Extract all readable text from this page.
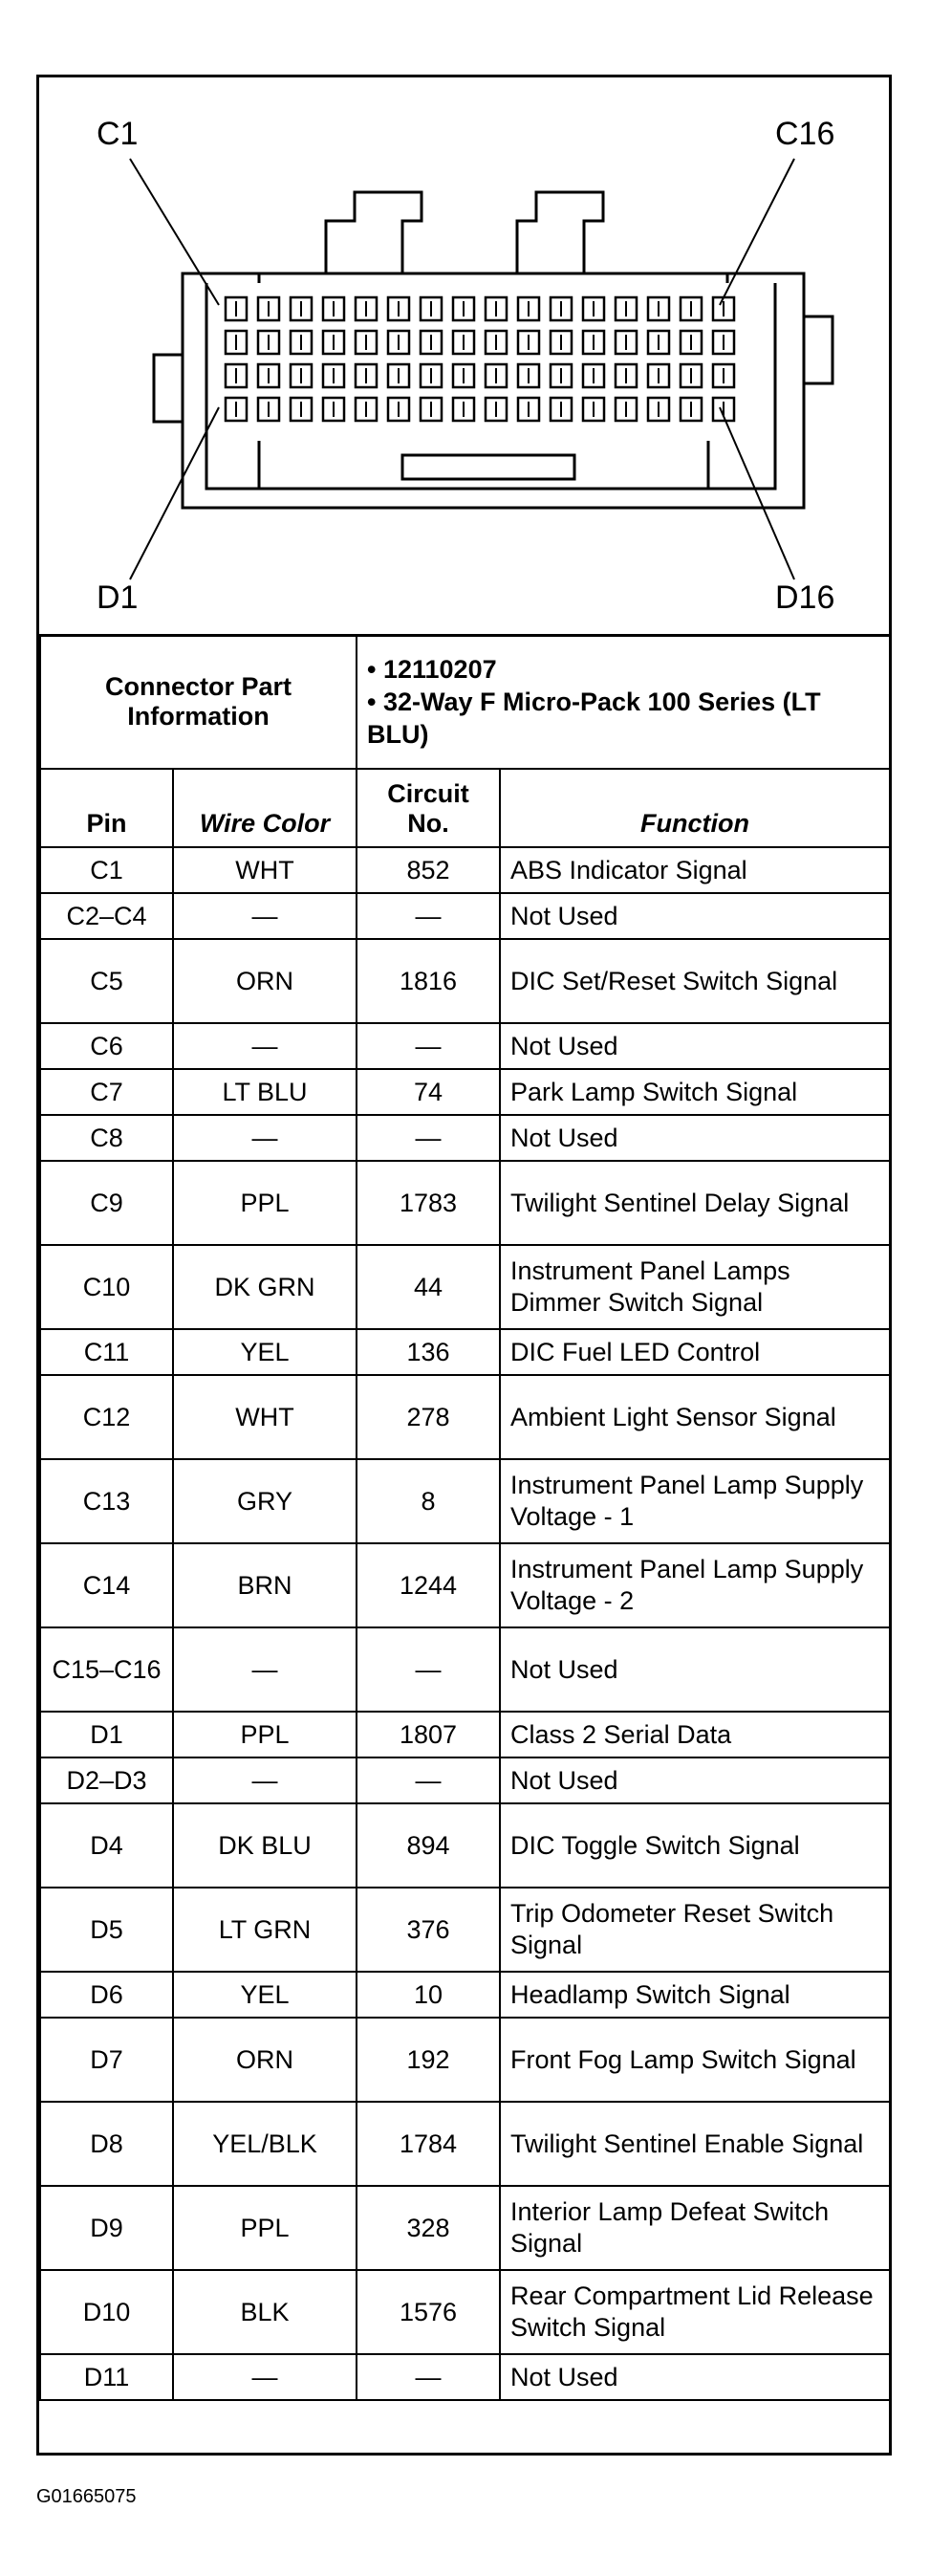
C1	C16
D1	D16
Connector Part Information		• 12110207
• 32-Way F Micro-Pack 100 Series (LT BLU)	

Pin	Wire Color	Circuit No.	Function
C1	WHT	852	ABS Indicator Signal
C2–C4	—	—	Not Used
C5	ORN	1816	DIC Set/Reset Switch Signal
C6	—	—	Not Used
C7	LT BLU	74	Park Lamp Switch Signal
C8	—	—	Not Used
C9	PPL	1783	Twilight Sentinel Delay Signal
C10	DK GRN	44	Instrument Panel Lamps Dimmer Switch Signal
C11	YEL	136	DIC Fuel LED Control
C12	WHT	278	Ambient Light Sensor Signal
C13	GRY	8	Instrument Panel Lamp Supply Voltage - 1
C14	BRN	1244	Instrument Panel Lamp Supply Voltage - 2
C15–C16	—	—	Not Used
D1	PPL	1807	Class 2 Serial Data
D2–D3	—	—	Not Used
D4	DK BLU	894	DIC Toggle Switch Signal
D5	LT GRN	376	Trip Odometer Reset Switch Signal
D6	YEL	10	Headlamp Switch Signal
D7	ORN	192	Front Fog Lamp Switch Signal
D8	YEL/BLK	1784	Twilight Sentinel Enable Signal
D9	PPL	328	Interior Lamp Defeat Switch Signal
D10	BLK	1576	Rear Compartment Lid Release Switch Signal
D11	—	—	Not Used
G01665075
